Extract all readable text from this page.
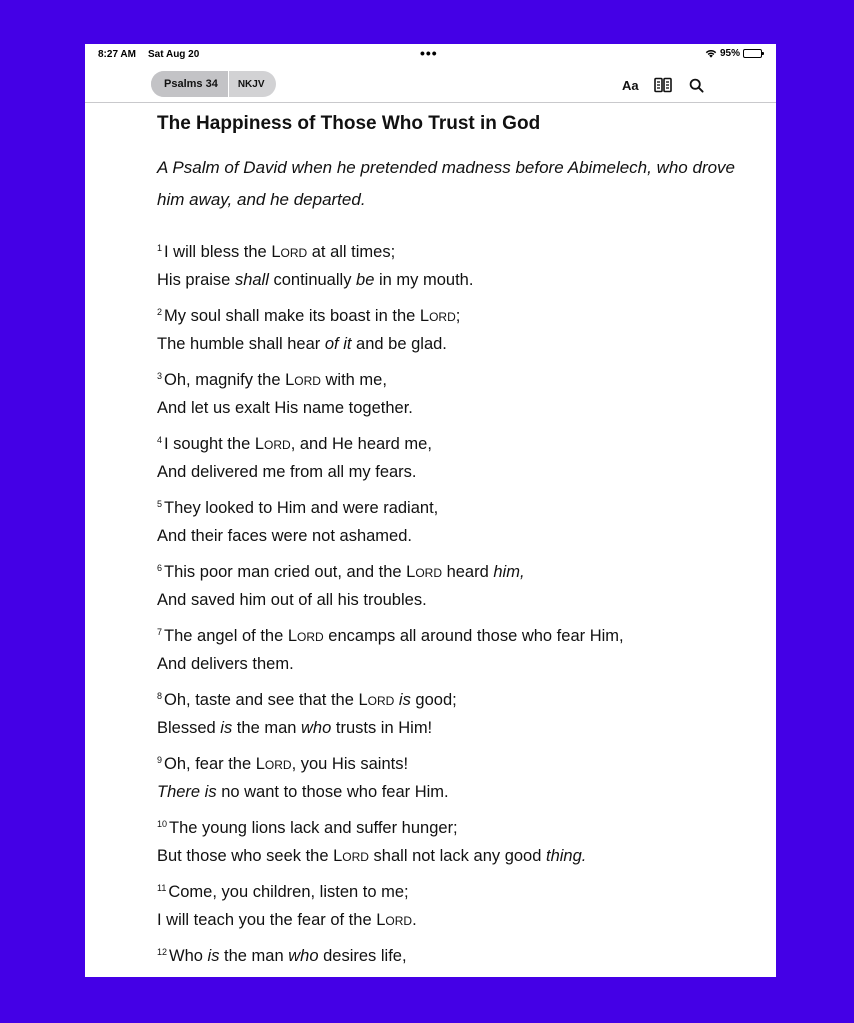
8:27 AM Sat Aug 20	•••	95%
Psalms 34	NKJV	Aa
The Happiness of Those Who Trust in God
A Psalm of David when he pretended madness before Abimelech, who drove him away, and he departed.
$^1$ I will bless the Lord at all times;
His praise shall continually be in my mouth.
$^2$ My soul shall make its boast in the Lord;
The humble shall hear of it and be glad.
$^3$ Oh, magnify the Lord with me,
And let us exalt His name together.
$^4$ I sought the Lord, and He heard me,
And delivered me from all my fears.
$^5$ They looked to Him and were radiant,
And their faces were not ashamed.
$^6$ This poor man cried out, and the Lord heard him,
And saved him out of all his troubles.
$^7$ The angel of the Lord encamps all around those who fear Him,
And delivers them.
$^8$ Oh, taste and see that the Lord is good;
Blessed is the man who trusts in Him!
$^9$ Oh, fear the Lord, you His saints!
There is no want to those who fear Him.
$^{10}$ The young lions lack and suffer hunger;
But those who seek the Lord shall not lack any good thing.
$^{11}$ Come, you children, listen to me;
I will teach you the fear of the Lord.
$^{12}$ Who is the man who desires life,
